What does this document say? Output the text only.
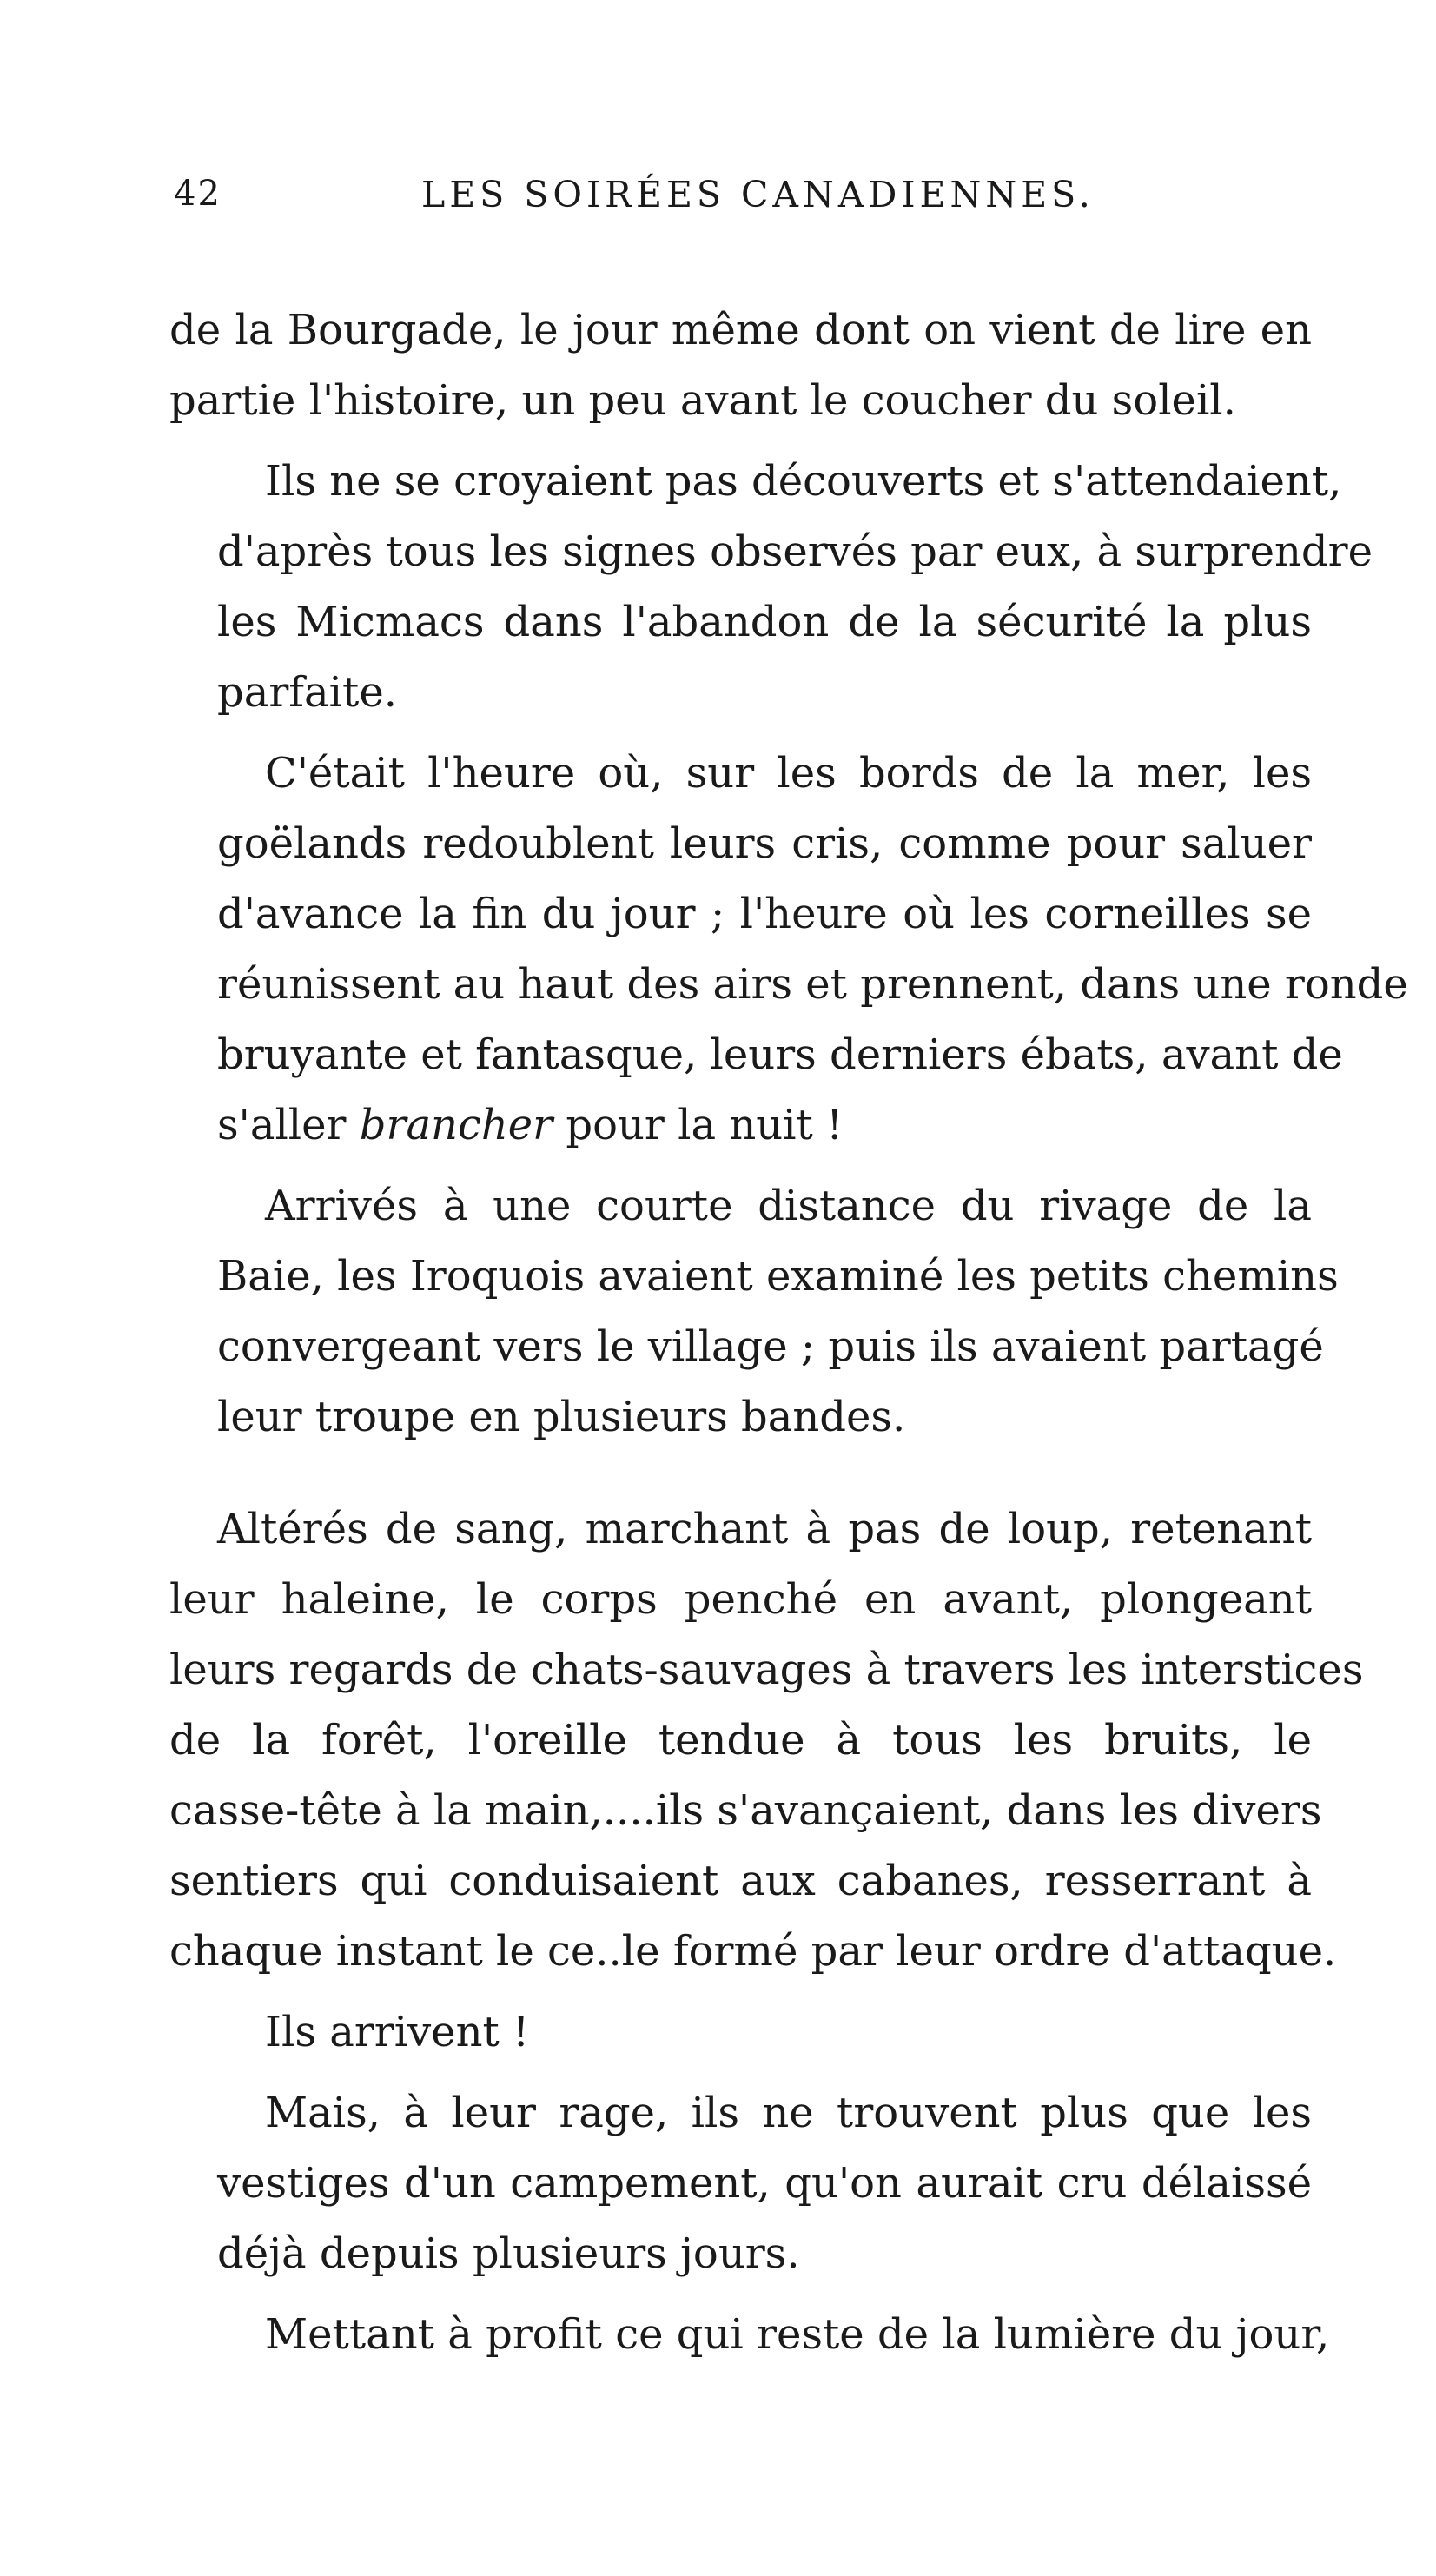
42	LES SOIRÉES CANADIENNES.

de la Bourgade, le jour même dont on vient de lire en
partie l'histoire, un peu avant le coucher du soleil.

Ils ne se croyaient pas découverts et s'attendaient,
d'après tous les signes observés par eux, à surprendre
les Micmacs dans l'abandon de la sécurité la plus
parfaite.

C'était l'heure où, sur les bords de la mer, les
goëlands redoublent leurs cris, comme pour saluer
d'avance la fin du jour ; l'heure où les corneilles se
réunissent au haut des airs et prennent, dans une ronde
bruyante et fantasque, leurs derniers ébats, avant de
s'aller brancher pour la nuit !

Arrivés à une courte distance du rivage de la
Baie, les Iroquois avaient examiné les petits chemins
convergeant vers le village ; puis ils avaient partagé
leur troupe en plusieurs bandes.

Altérés de sang, marchant à pas de loup, retenant
leur haleine, le corps penché en avant, plongeant
leurs regards de chats-sauvages à travers les interstices
de la forêt, l'oreille tendue à tous les bruits, le
casse-tête à la main,....ils s'avançaient, dans les divers
sentiers qui conduisaient aux cabanes, resserrant à
chaque instant le ce..le formé par leur ordre d'attaque.

Ils arrivent !

Mais, à leur rage, ils ne trouvent plus que les
vestiges d'un campement, qu'on aurait cru délaissé
déjà depuis plusieurs jours.

Mettant à profit ce qui reste de la lumière du jour,
